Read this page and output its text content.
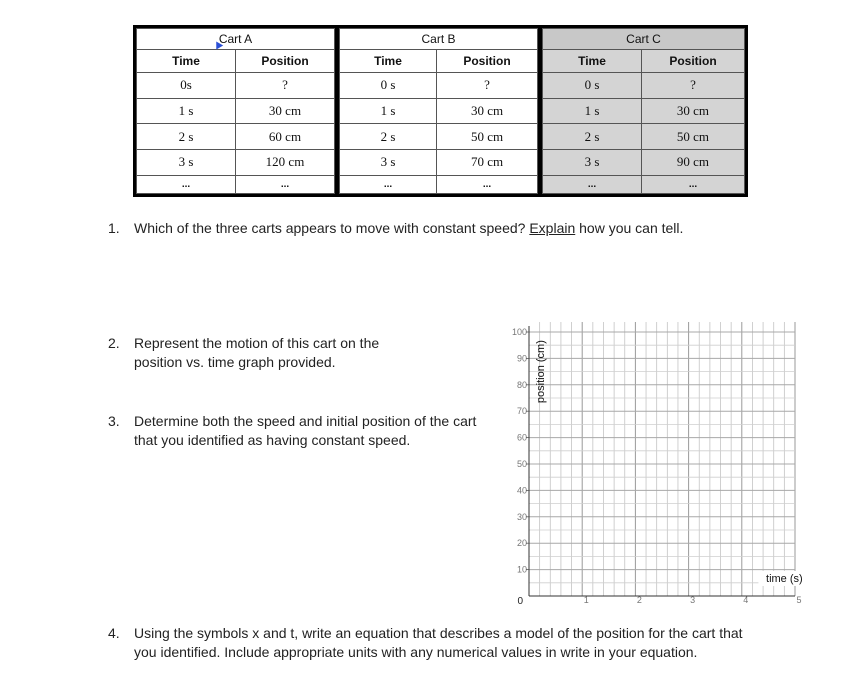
Cart A	
Time	Position
0s	?
1 s	30 cm
2 s	60 cm
3 s	120 cm
...	...
Cart B	
Time	Position
0 s	?
1 s	30 cm
2 s	50 cm
3 s	70 cm
...	...
Cart C	
Time	Position
0 s	?
1 s	30 cm
2 s	50 cm
3 s	90 cm
...	...
1.	Which of the three carts appears to move with constant speed? Explain how you can tell.
2.	Represent the motion of this cart on the
position vs. time graph provided.
3.	Determine both the speed and initial position of the cart
that you identified as having constant speed.
4.	Using the symbols x and t, write an equation that describes a model of the position for the cart that
you identified. Include appropriate units with any numerical values in write in your equation.
10
20
30
40
50
60
70
80
90
100
0	1	2	3	4	5
position (cm)
time (s)
